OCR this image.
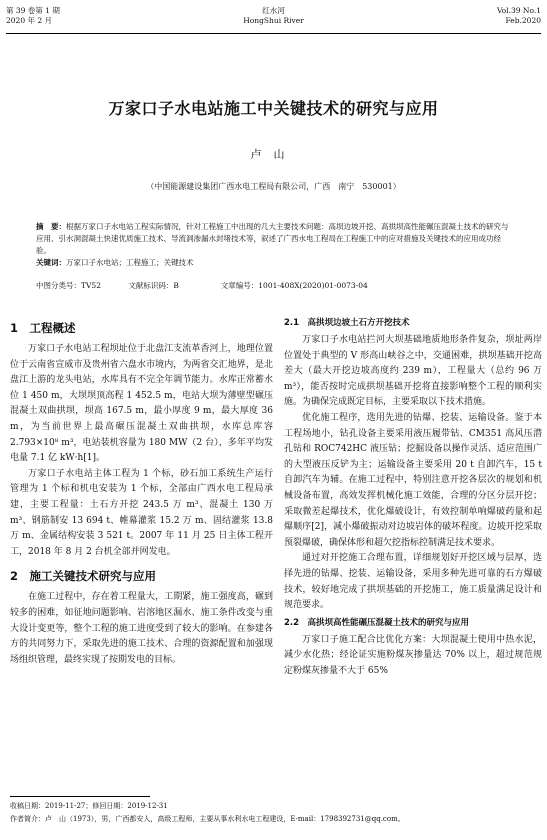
第 39 卷第 1 期
2020 年 2 月
红水河
HongShui River
Vol.39 No.1
Feb.2020
万家口子水电站施工中关键技术的研究与应用
卢山
（中国能源建设集团广西水电工程局有限公司，广西　南宁　530001）
摘　要：根据万家口子水电站工程实际情况，针对工程施工中出现的几大主要技术问题：高坝边坡开挖、高拱坝高性能碾压混凝土技术的研究与应用、引水洞混凝土快速优质施工技术、导流洞渗漏水封堵技术等，叙述了广西水电工程局在工程施工中的应对措施及关键技术的应用成功经验。
关键词：万家口子水电站；工程施工；关键技术
中图分类号：TV52	文献标识码：B	文章编号：1001-408X(2020)01-0073-04
1　工程概述

万家口子水电站工程坝址位于北盘江支流革香河上，地理位置位于云南省宣威市及贵州省六盘水市境内，为两省交汇地界，是北盘江上游的龙头电站，水库具有不完全年调节能力。水库正常蓄水位 1 450 m，大坝坝顶高程 1 452.5 m，电站大坝为薄壁型碾压混凝土双曲拱坝，坝高 167.5 m，最小厚度 9 m，最大厚度 36 m，为当前世界上最高碾压混凝土双曲拱坝，水库总库容 2.793×10⁸ m³，电站装机容量为 180 MW（2 台），多年平均发电量 7.1 亿 kW·h[1]。

万家口子水电站主体工程为 1 个标，砂石加工系统生产运行管理为 1 个标和机电安装为 1 个标，全部由广西水电工程局承建，主要工程量：土石方开挖 243.5 万 m³、混凝土 130 万 m³、钢筋制安 13 694 t、帷幕灌浆 15.2 万 m、固结灌浆 13.8 万 m、金属结构安装 3 521 t。2007 年 11 月 25 日主体工程开工，2018 年 8 月 2 台机全部并网发电。

2　施工关键技术研究与应用

在施工过程中，存在着工程量大，工期紧，施工强度高，碾到较多的困难，如征地问题影响、岩溶地区漏水、施工条件改变与重大设计变更等，整个工程的施工进度受到了较大的影响。在参建各方的共同努力下，采取先进的施工技术、合理的资源配置和加强现场组织管理，最终实现了按期发电的目标。

2.1　高拱坝边坡土石方开挖技术

万家口子水电站拦河大坝基础地质地形条件复杂，坝址两岸位置处于典型的 V 形高山峡谷之中，交通困难，拱坝基础开挖高差大（最大开挖边坡高度约 239 m），工程量大（总约 96 万 m³），能否按时完成拱坝基础开挖将直接影响整个工程的顺利实施。为确保完成既定目标，主要采取以下技术措施。

优化施工程序，选用先进的钻爆、挖装、运输设备。鉴于本工程场地小，钻孔设备主要采用液压履带钻、CM351 高风压潜孔钻和 ROC742HC 液压钻；挖掘设备以操作灵活、适应范围广的大型液压反铲为主；运输设备主要采用 20 t 自卸汽车，15 t 自卸汽车为辅。在施工过程中，特别注意开挖各层次的规划和机械设备布置，高效发挥机械化施工效能，合理的分区分层开挖；采取微差起爆技术，优化爆破设计，有效控制单响爆破药量和起爆顺序[2]，减小爆破振动对边坡岩体的破坏程度。边坡开挖采取预裂爆破，确保体形和超欠挖指标控制满足技术要求。

通过对开挖施工合理布置，详细规划好开挖区域与层厚，选择先进的钻爆、挖装、运输设备，采用多种先进可靠的石方爆破技术，较好地完成了拱坝基础的开挖施工，施工质量满足设计和规范要求。

2.2　高拱坝高性能碾压混凝土技术的研究与应用

万家口子施工配合比优化方案：大坝混凝土使用中热水泥，减少水化热；经论证实施粉煤灰掺量达 70% 以上，超过规范规定粉煤灰掺量不大于 65%

收稿日期：2019-11-27；修回日期：2019-12-31
作者简介：卢　山（1973），男，广西都安人，高级工程师，主要从事水利水电工程建设，E-mail：1798392731@qq.com。
